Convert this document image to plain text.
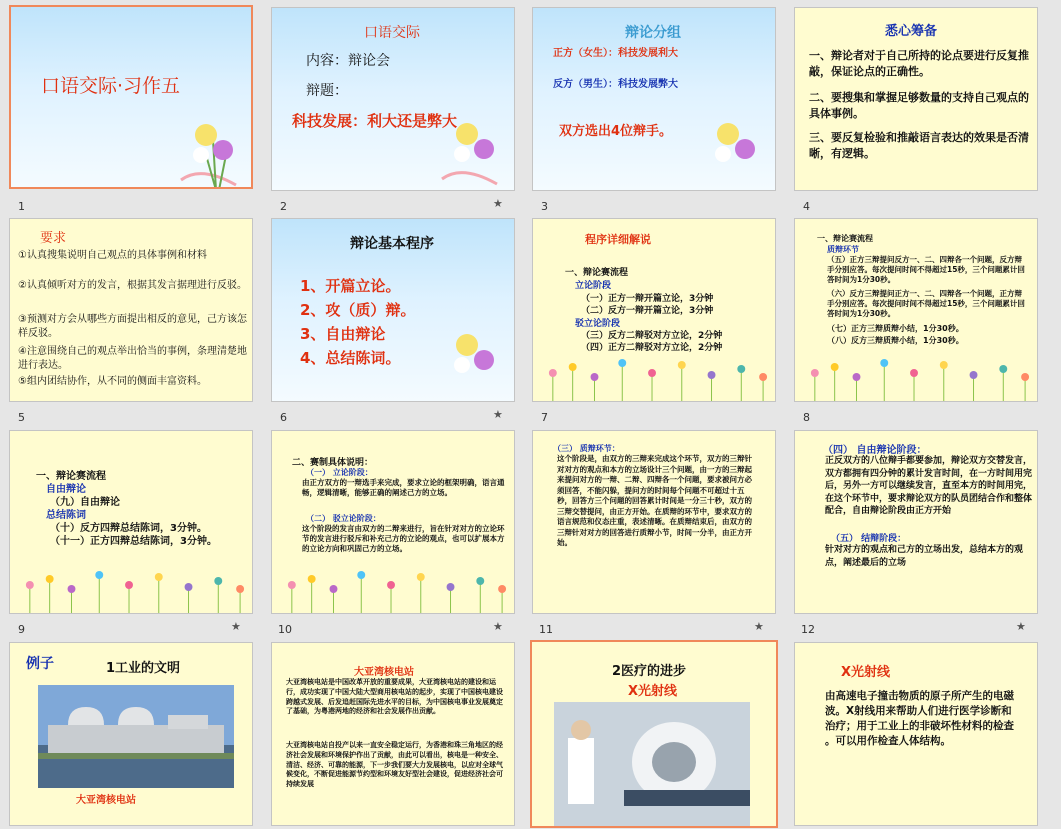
口语交际·习作五
1
口语交际
内容：辩论会
辩题：
科技发展：利大还是弊大
2	★
辩论分组
正方（女生）：科技发展利大
反方（男生）：科技发展弊大
双方选出4位辩手。
3
悉心筹备
一、辩论者对于自己所持的论点要进行反复推敲，保证论点的正确性。
二、要搜集和掌握足够数量的支持自己观点的具体事例。
三、要反复检验和推敲语言表达的效果是否清晰，有逻辑。
4
要求
①认真搜集说明自己观点的具体事例和材料
②认真倾听对方的发言，根据其发言据理进行反驳。
③预测对方会从哪些方面提出相反的意见，己方该怎样反驳。
④注意围绕自己的观点举出恰当的事例，条理清楚地进行表达。
⑤组内团结协作，从不同的侧面丰富资料。
5
辩论基本程序
1、开篇立论。
2、攻（质）辩。
3、自由辩论
4、总结陈词。
6	★
程序详细解说
一、辩论赛流程
立论阶段
（一）正方一辩开篇立论，3分钟
（二）反方一辩开篇立论，3分钟
驳立论阶段
（三）反方二辩驳对方立论，2分钟
（四）正方二辩驳对方立论，2分钟
7
一、辩论赛流程
质辩环节
（五）正方三辩提问反方一、二、四辩各一个问题，反方辩手分别应答。每次提问时间不得超过15秒，三个问题累计回答时间为1分30秒。
（六）反方三辩提问正方一、二、四辩各一个问题，正方辩手分别应答。每次提问时间不得超过15秒，三个问题累计回答时间为1分30秒。
（七）正方三辩质辩小结，1分30秒。
（八）反方三辩质辩小结，1分30秒。
8
一、辩论赛流程
自由辩论
（九）自由辩论
总结陈词
（十）反方四辩总结陈词，3分钟。
（十一）正方四辩总结陈词，3分钟。
9	★
二、赛制具体说明：
（一） 立论阶段：
由正方双方的一辩选手来完成，要求立论的框架明确，语言通畅，逻辑清晰，能够正确的阐述己方的立场。
（二） 驳立论阶段：
这个阶段的发言由双方的二辩来进行，旨在针对对方的立论环节的发言进行驳斥和补充己方的立论的观点，也可以扩展本方的立论方向和巩固己方的立场。
10	★
（三） 质辩环节：
这个阶段是，由双方的三辩来完成这个环节，双方的三辩针对对方的观点和本方的立场设计三个问题，由一方的三辩起来提问对方的一辩、二辩、四辩各一个问题，要求被问方必须回答，不能闪躲，提问方的时间每个问题不可超过十五秒，回答方三个问题的回答累计时间是一分三十秒，双方的三辩交替提问，由正方开始。在质辩的环节中，要求双方的语言规范和仪态庄重，表述清晰。在质辩结束后，由双方的三辩针对对方的回答进行质辩小节，时间一分半，由正方开始。
11	★
（四） 自由辩论阶段：
正反双方的八位辩手都要参加，辩论双方交替发言，双方都拥有四分钟的累计发言时间，在一方时间用完后，另外一方可以继续发言，直至本方的时间用完，在这个环节中，要求辩论双方的队员团结合作和整体配合，自由辩论阶段由正方开始
（五） 结辩阶段：
针对对方的观点和己方的立场出发，总结本方的观点，阐述最后的立场
12	★
例子	1工业的文明
大亚湾核电站
大亚湾核电站
大亚湾核电站是中国改革开放的重要成果，大亚湾核电站的建设和运行，成功实现了中国大陆大型商用核电站的起步，实现了中国核电建设跨越式发展、后发追赶国际先进水平的目标，为中国核电事业发展奠定了基础，为粤港两地的经济和社会发展作出贡献。
大亚湾核电站自投产以来一直安全稳定运行，为香港和珠三角地区的经济社会发展和环境保护作出了贡献，由此可以看出，核电是一种安全、清洁、经济、可靠的能源，下一步我们要大力发展核电，以应对全球气候变化，不断促进能源节约型和环境友好型社会建设，促进经济社会可持续发展
2医疗的进步
X光射线
X光射线
由高速电子撞击物质的原子所产生的电磁波。X射线用来帮助人们进行医学诊断和治疗；用于工业上的非破坏性材料的检查 。可以用作检查人体结构。
